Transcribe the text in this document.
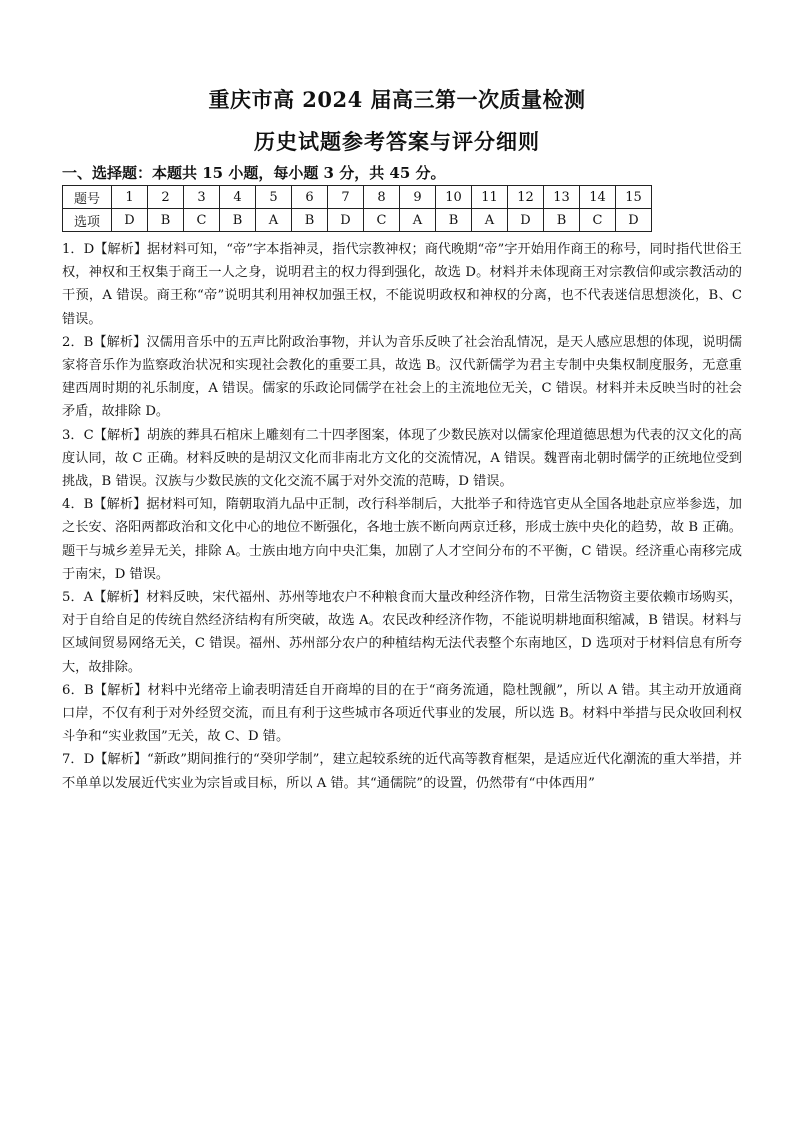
重庆市高 2024 届高三第一次质量检测
历史试题参考答案与评分细则
一、选择题：本题共 15 小题，每小题 3 分，共 45 分。
题号	1	2	3	4	5	6	7	8	9	10	11	12	13	14	15
选项	D	B	C	B	A	B	D	C	A	B	A	D	B	C	D

1．D【解析】据材料可知，“帝”字本指神灵，指代宗教神权；商代晚期“帝”字开始用作商王的称号，同时指代世俗王权，神权和王权集于商王一人之身，说明君主的权力得到强化，故选 D。材料并未体现商王对宗教信仰或宗教活动的干预，A 错误。商王称“帝”说明其利用神权加强王权，不能说明政权和神权的分离，也不代表迷信思想淡化，B、C 错误。

2．B【解析】汉儒用音乐中的五声比附政治事物，并认为音乐反映了社会治乱情况，是天人感应思想的体现，说明儒家将音乐作为监察政治状况和实现社会教化的重要工具，故选 B。汉代新儒学为君主专制中央集权制度服务，无意重建西周时期的礼乐制度，A 错误。儒家的乐政论同儒学在社会上的主流地位无关，C 错误。材料并未反映当时的社会矛盾，故排除 D。

3．C【解析】胡族的葬具石棺床上雕刻有二十四孝图案，体现了少数民族对以儒家伦理道德思想为代表的汉文化的高度认同，故 C 正确。材料反映的是胡汉文化而非南北方文化的交流情况，A 错误。魏晋南北朝时儒学的正统地位受到挑战，B 错误。汉族与少数民族的文化交流不属于对外交流的范畴，D 错误。

4．B【解析】据材料可知，隋朝取消九品中正制，改行科举制后，大批举子和待选官吏从全国各地赴京应举参选，加之长安、洛阳两都政治和文化中心的地位不断强化，各地士族不断向两京迁移，形成士族中央化的趋势，故 B 正确。题干与城乡差异无关，排除 A。士族由地方向中央汇集，加剧了人才空间分布的不平衡，C 错误。经济重心南移完成于南宋，D 错误。

5．A【解析】材料反映，宋代福州、苏州等地农户不种粮食而大量改种经济作物，日常生活物资主要依赖市场购买，对于自给自足的传统自然经济结构有所突破，故选 A。农民改种经济作物，不能说明耕地面积缩减，B 错误。材料与区域间贸易网络无关，C 错误。福州、苏州部分农户的种植结构无法代表整个东南地区，D 选项对于材料信息有所夸大，故排除。

6．B【解析】材料中光绪帝上谕表明清廷自开商埠的目的在于“商务流通，隐杜觊觎”，所以 A 错。其主动开放通商口岸，不仅有利于对外经贸交流，而且有利于这些城市各项近代事业的发展，所以选 B。材料中举措与民众收回利权斗争和“实业救国”无关，故 C、D 错。

7．D【解析】“新政”期间推行的“癸卯学制”，建立起较系统的近代高等教育框架，是适应近代化潮流的重大举措，并不单单以发展近代实业为宗旨或目标，所以 A 错。其“通儒院”的设置，仍然带有“中体西用”
